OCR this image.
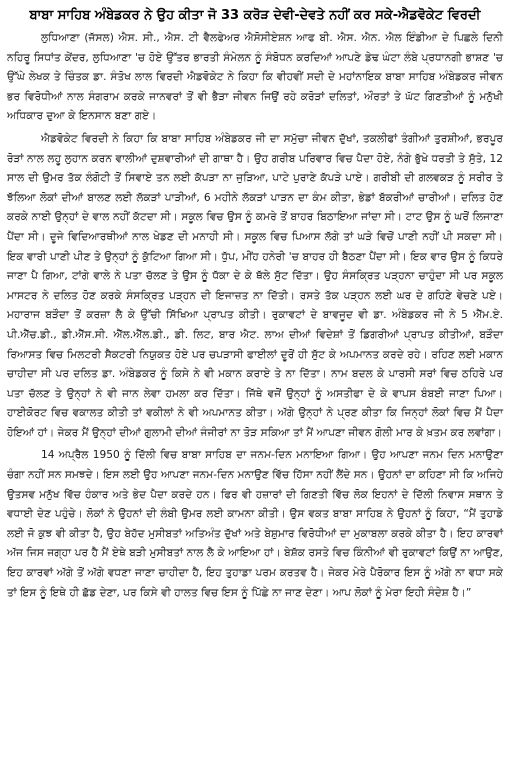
ਬਾਬਾ ਸਾਹਿਬ ਅੰਬੇਡਕਰ ਨੇ ਉਹ ਕੀਤਾ ਜੋ 33 ਕਰੋੜ ਦੇਵੀ-ਦੇਵਤੇ ਨਹੀਂ ਕਰ ਸਕੇ-ਐਡਵੋਕੇਟ ਵਿਰਦੀ

ਲੁਧਿਆਣਾ (ਜੱਸਲ) ਐਸ. ਸੀ., ਐਸ. ਟੀ ਵੈਲਫੇਅਰ ਐਸੋਸੀਏਸ਼ਨ ਆਫ ਬੀ. ਐਸ. ਐਨ. ਐਲ ਇੰਡੀਆ ਦੇ ਪਿਛਲੇ ਦਿਨੀ ਨਹਿਰੂ ਸਿਧਾਂਤ ਕੇਂਦਰ, ਲੁਧਿਆਣਾ 'ਚ ਹੋਏ ਉੱਤਰ ਭਾਰਤੀ ਸੰਮੇਲਨ ਨੂੰ ਸੰਬੋਧਨ ਕਰਦਿਆਂ ਆਪਣੇ ਡੇਢ ਘੰਟਾ ਲੰਬੇ ਪ੍ਰਧਾਨਗੀ ਭਾਸ਼ਣ 'ਚ ਉੱਘੇ ਲੇਖਕ ਤੇ ਚਿੰਤਕ ਡਾ. ਸੰਤੋਖ ਲਾਲ ਵਿਰਦੀ ਐਡਵੋਕੇਟ ਨੇ ਕਿਹਾ ਕਿ ਵੀਹਵੀਂ ਸਦੀ ਦੇ ਮਹਾਂਨਾਇਕ ਬਾਬਾ ਸਾਹਿਬ ਅੰਬੇਡਕਰ ਜੀਵਨ ਭਰ ਵਿਰੋਧੀਆਂ ਨਾਲ ਸੰਗਰਾਮ ਕਰਕੇ ਜਾਨਵਰਾਂ ਤੋਂ ਵੀ ਭੈੜਾ ਜੀਵਨ ਜਿਉਂ ਰਹੇ ਕਰੋੜਾਂ ਦਲਿਤਾਂ, ਔਰਤਾਂ ਤੇ ਘੱਟ ਗਿਣਤੀਆਂ ਨੂੰ ਮਨੁੱਖੀ ਅਧਿਕਾਰ ਦੁਆ ਕੇ ਇਨਸਾਨ ਬਣਾ ਗਏ।

ਐਡਵੋਕੇਟ ਵਿਰਦੀ ਨੇ ਕਿਹਾ ਕਿ ਬਾਬਾ ਸਾਹਿਬ ਅੰਬੇਡਕਰ ਜੀ ਦਾ ਸਮੁੱਚਾ ਜੀਵਨ ਦੁੱਖਾਂ, ਤਕਲੀਫਾਂ ਤੰਗੀਆਂ ਤੁਰਸ਼ੀਆਂ, ਭਰਪੂਰ ਰੋੜਾਂ ਨਾਲ ਲਹੂ ਲੁਹਾਨ ਕਰਨ ਵਾਲੀਆਂ ਦੁਸ਼ਵਾਰੀਆਂ ਦੀ ਗਾਥਾ ਹੈ। ਉਹ ਗਰੀਬ ਪਰਿਵਾਰ ਵਿਚ ਪੈਦਾ ਹੋਏ, ਨੰਗੇ ਭੁੱਖੇ ਧਰਤੀ ਤੇ ਸੁੱਤੇ, 12 ਸਾਲ ਦੀ ਉਮਰ ਤੱਕ ਲੰਗੋਟੀ ਤੋਂ ਸਿਵਾਏ ਤਨ ਲਈ ਕੱਪੜਾ ਨਾ ਜੁੜਿਆ, ਪਾਟੇ ਪੁਰਾਣੇ ਕੱਪੜੇ ਪਾਏ। ਗਰੀਬੀ ਦੀ ਗਲਵਕੜ ਨੂੰ ਸਰੀਰ ਤੇ ਝੱਲਿਆ ਲੋਕਾਂ ਦੀਆਂ ਬਾਲਣ ਲਈ ਲੱਕੜਾਂ ਪਾੜੀਆਂ, 6 ਮਹੀਨੇ ਲੱਕੜਾਂ ਪਾੜਨ ਦਾ ਕੰਮ ਕੀਤਾ, ਭੇਡਾਂ ਬੱਕਰੀਆਂ ਚਾਰੀਆਂ। ਦਲਿਤ ਹੋਣ ਕਰਕੇ ਨਾਈ ਉਨ੍ਹਾਂ ਦੇ ਵਾਲ ਨਹੀਂ ਕੱਟਦਾ ਸੀ। ਸਕੂਲ ਵਿਚ ਉਸ ਨੂੰ ਕਮਰੇ ਤੋਂ ਬਾਹਰ ਬਿਠਾਇਆ ਜਾਂਦਾ ਸੀ। ਟਾਟ ਉਸ ਨੂੰ ਘਰੋਂ ਲਿਜਾਣਾ ਪੈਂਦਾ ਸੀ। ਦੂਜੇ ਵਿਦਿਆਰਥੀਆਂ ਨਾਲ ਖੇਡਣ ਦੀ ਮਨਾਹੀ ਸੀ। ਸਕੂਲ ਵਿਚ ਪਿਆਸ ਲੱਗੇ ਤਾਂ ਘੜੇ ਵਿਚੋਂ ਪਾਣੀ ਨਹੀਂ ਪੀ ਸਕਦਾ ਸੀ। ਇਕ ਵਾਰੀ ਪਾਣੀ ਪੀਣ ਤੇ ਉਨ੍ਹਾਂ ਨੂੰ ਕੁੱਟਿਆ ਗਿਆ ਸੀ। ਧੁੱਪ, ਮੀਂਹ ਹਨੇਰੀ 'ਚ ਬਾਹਰ ਹੀ ਬੈਠਣਾ ਪੈਂਦਾ ਸੀ। ਇਕ ਵਾਰ ਉਸ ਨੂੰ ਕਿਧਰੇ ਜਾਣਾ ਪੈ ਗਿਆ, ਟਾਂਗੇ ਵਾਲੇ ਨੇ ਪਤਾ ਚੱਲਣ ਤੇ ਉਸ ਨੂੰ ਧੱਕਾ ਦੇ ਕੇ ਥੱਲੇ ਸੁੱਟ ਦਿੱਤਾ। ਉਹ ਸੰਸਕ੍ਰਿਤ ਪੜ੍ਹਨਾ ਚਾਹੁੰਦਾ ਸੀ ਪਰ ਸਕੂਲ ਮਾਸਟਰ ਨੇ ਦਲਿਤ ਹੋਣ ਕਰਕੇ ਸੰਸਕ੍ਰਿਤ ਪੜ੍ਹਨ ਦੀ ਇਜਾਜ਼ਤ ਨਾ ਦਿੱਤੀ। ਰਸਤੇ ਤੱਕ ਪੜ੍ਹਨ ਲਈ ਘਰ ਦੇ ਗਹਿਣੇ ਵੇਚਣੇ ਪਏ। ਮਹਾਰਾਜ ਬੜੌਦਾ ਤੋਂ ਕਰਜ਼ਾ ਲੈ ਕੇ ਉੱਚੀ ਸਿੱਖਿਆ ਪ੍ਰਾਪਤ ਕੀਤੀ। ਰੁਕਾਵਟਾਂ ਦੇ ਬਾਵਜੂਦ ਵੀ ਡਾ. ਅੰਬੇਡਕਰ ਜੀ ਨੇ 5 ਐੱਮ.ਏ. ਪੀ.ਐੱਚ.ਡੀ., ਡੀ.ਐੱਸ.ਸੀ. ਐੱਲ.ਐੱਲ.ਡੀ., ਡੀ. ਲਿਟ, ਬਾਰ ਐਟ. ਲਾਅ ਦੀਆਂ ਵਿਦੇਸ਼ਾਂ ਤੋਂ ਡਿਗਰੀਆਂ ਪ੍ਰਾਪਤ ਕੀਤੀਆਂ, ਬੜੌਦਾ ਰਿਆਸਤ ਵਿਚ ਮਿਲਟਰੀ ਸੈਕਟਰੀ ਨਿਯੁਕਤ ਹੋਏ ਪਰ ਚਪੜਾਸੀ ਫਾਈਲਾਂ ਦੂਰੋਂ ਹੀ ਸੁੱਟ ਕੇ ਅਪਮਾਨਤ ਕਰਦੇ ਰਹੇ। ਰਹਿਣ ਲਈ ਮਕਾਨ ਚਾਹੀਦਾ ਸੀ ਪਰ ਦਲਿਤ ਡਾ. ਅੰਬੇਡਕਰ ਨੂੰ ਕਿਸੇ ਨੇ ਵੀ ਮਕਾਨ ਕਰਾਏ ਤੇ ਨਾ ਦਿੱਤਾ। ਨਾਮ ਬਦਲ ਕੇ ਪਾਰਸੀ ਸਰਾਂ ਵਿਚ ਠਹਿਰੇ ਪਰ ਪਤਾ ਚੱਲਣ ਤੇ ਉਨ੍ਹਾਂ ਨੇ ਵੀ ਜਾਨ ਲੇਵਾ ਹਮਲਾ ਕਰ ਦਿੱਤਾ। ਜਿੱਥੇ ਵਜੋਂ ਉਨ੍ਹਾਂ ਨੂੰ ਅਸਤੀਫਾ ਦੇ ਕੇ ਵਾਪਸ ਬੰਬਈ ਜਾਣਾ ਪਿਆ। ਹਾਈਕੋਰਟ ਵਿਚ ਵਕਾਲਤ ਕੀਤੀ ਤਾਂ ਵਕੀਲਾਂ ਨੇ ਵੀ ਅਪਮਾਨਤ ਕੀਤਾ। ਅੱਗੇ ਉਨ੍ਹਾਂ ਨੇ ਪ੍ਰਣ ਕੀਤਾ ਕਿ ਜਿਨ੍ਹਾਂ ਲੋਕਾਂ ਵਿਚ ਮੈਂ ਪੈਦਾ ਹੋਇਆਂ ਹਾਂ। ਜੇਕਰ ਮੈਂ ਉਨ੍ਹਾਂ ਦੀਆਂ ਗੁਲਾਮੀ ਦੀਆਂ ਜੰਜੀਰਾਂ ਨਾ ਤੋੜ ਸਕਿਆ ਤਾਂ ਮੈਂ ਆਪਣਾ ਜੀਵਨ ਗੋਲੀ ਮਾਰ ਕੇ ਖ਼ਤਮ ਕਰ ਲਵਾਂਗਾ।

14 ਅਪ੍ਰੈਲ 1950 ਨੂੰ ਦਿੱਲੀ ਵਿਚ ਬਾਬਾ ਸਾਹਿਬ ਦਾ ਜਨਮ-ਦਿਨ ਮਨਾਇਆ ਗਿਆ। ਉਹ ਆਪਣਾ ਜਨਮ ਦਿਨ ਮਨਾਉਣਾ ਚੰਗਾ ਨਹੀਂ ਸਨ ਸਮਝਦੇ। ਇਸ ਲਈ ਉਹ ਆਪਣਾ ਜਨਮ-ਦਿਨ ਮਨਾਉਣ ਵਿੱਚ ਹਿੱਸਾ ਨਹੀਂ ਲੈਂਦੇ ਸਨ। ਉਹਨਾਂ ਦਾ ਕਹਿਣਾ ਸੀ ਕਿ ਅਜਿਹੇ ਉਤਸਵ ਮਨੁੱਖ ਵਿੱਚ ਹੰਕਾਰ ਅਤੇ ਭੇਦ ਪੈਦਾ ਕਰਦੇ ਹਨ। ਫਿਰ ਵੀ ਹਜ਼ਾਰਾਂ ਦੀ ਗਿਣਤੀ ਵਿੱਚ ਲੋਕ ਇਹਨਾਂ ਦੇ ਦਿੱਲੀ ਨਿਵਾਸ ਸਥਾਨ ਤੇ ਵਧਾਈ ਦੇਣ ਪਹੁੰਚੇ। ਲੋਕਾਂ ਨੇ ਉਹਨਾਂ ਦੀ ਲੰਬੀ ਉਮਰ ਲਈ ਕਾਮਨਾ ਕੀਤੀ। ਉਸ ਵਕਤ ਬਾਬਾ ਸਾਹਿਬ ਨੇ ਉਹਨਾਂ ਨੂੰ ਕਿਹਾ, “ਮੈਂ ਤੁਹਾਡੇ ਲਈ ਜੋ ਕੁਝ ਵੀ ਕੀਤਾ ਹੈ, ਉਹ ਬੇਹੱਦ ਮੁਸੀਬਤਾਂ ਅਤਿਅੰਤ ਦੁੱਖਾਂ ਅਤੇ ਬੇਸ਼ੁਮਾਰ ਵਿਰੋਧੀਆਂ ਦਾ ਮੁਕਾਬਲਾ ਕਰਕੇ ਕੀਤਾ ਹੈ। ਇਹ ਕਾਰਵਾਂ ਅੱਜ ਜਿਸ ਜਗ੍ਹਾ ਪਰ ਹੈ ਮੈਂ ਏਥੇ ਬੜੀ ਮੁਸੀਬਤਾਂ ਨਾਲ ਲੈ ਕੇ ਆਇਆ ਹਾਂ। ਬੇਸ਼ੱਕ ਰਸਤੇ ਵਿਚ ਕਿੰਨੀਆਂ ਵੀ ਰੁਕਾਵਟਾਂ ਕਿਉਂ ਨਾ ਆਉਣ, ਇਹ ਕਾਰਵਾਂ ਅੱਗੇ ਤੋਂ ਅੱਗੇ ਵਧਣਾ ਜਾਣਾ ਚਾਹੀਦਾ ਹੈ, ਇਹ ਤੁਹਾਡਾ ਪਰਮ ਕਰਤਵ ਹੈ। ਜੇਕਰ ਮੇਰੇ ਪੈਰੋਕਾਰ ਇਸ ਨੂੰ ਅੱਗੇ ਨਾ ਵਧਾ ਸਕੇ ਤਾਂ ਇਸ ਨੂੰ ਇਥੇ ਹੀ ਛੱਡ ਦੇਣਾ, ਪਰ ਕਿਸੇ ਵੀ ਹਾਲਤ ਵਿਚ ਇਸ ਨੂੰ ਪਿੱਛੇ ਨਾ ਜਾਣ ਦੇਣਾ। ਆਪ ਲੋਕਾਂ ਨੂੰ ਮੇਰਾ ਇਹੀ ਸੰਦੇਸ਼ ਹੈ।”
